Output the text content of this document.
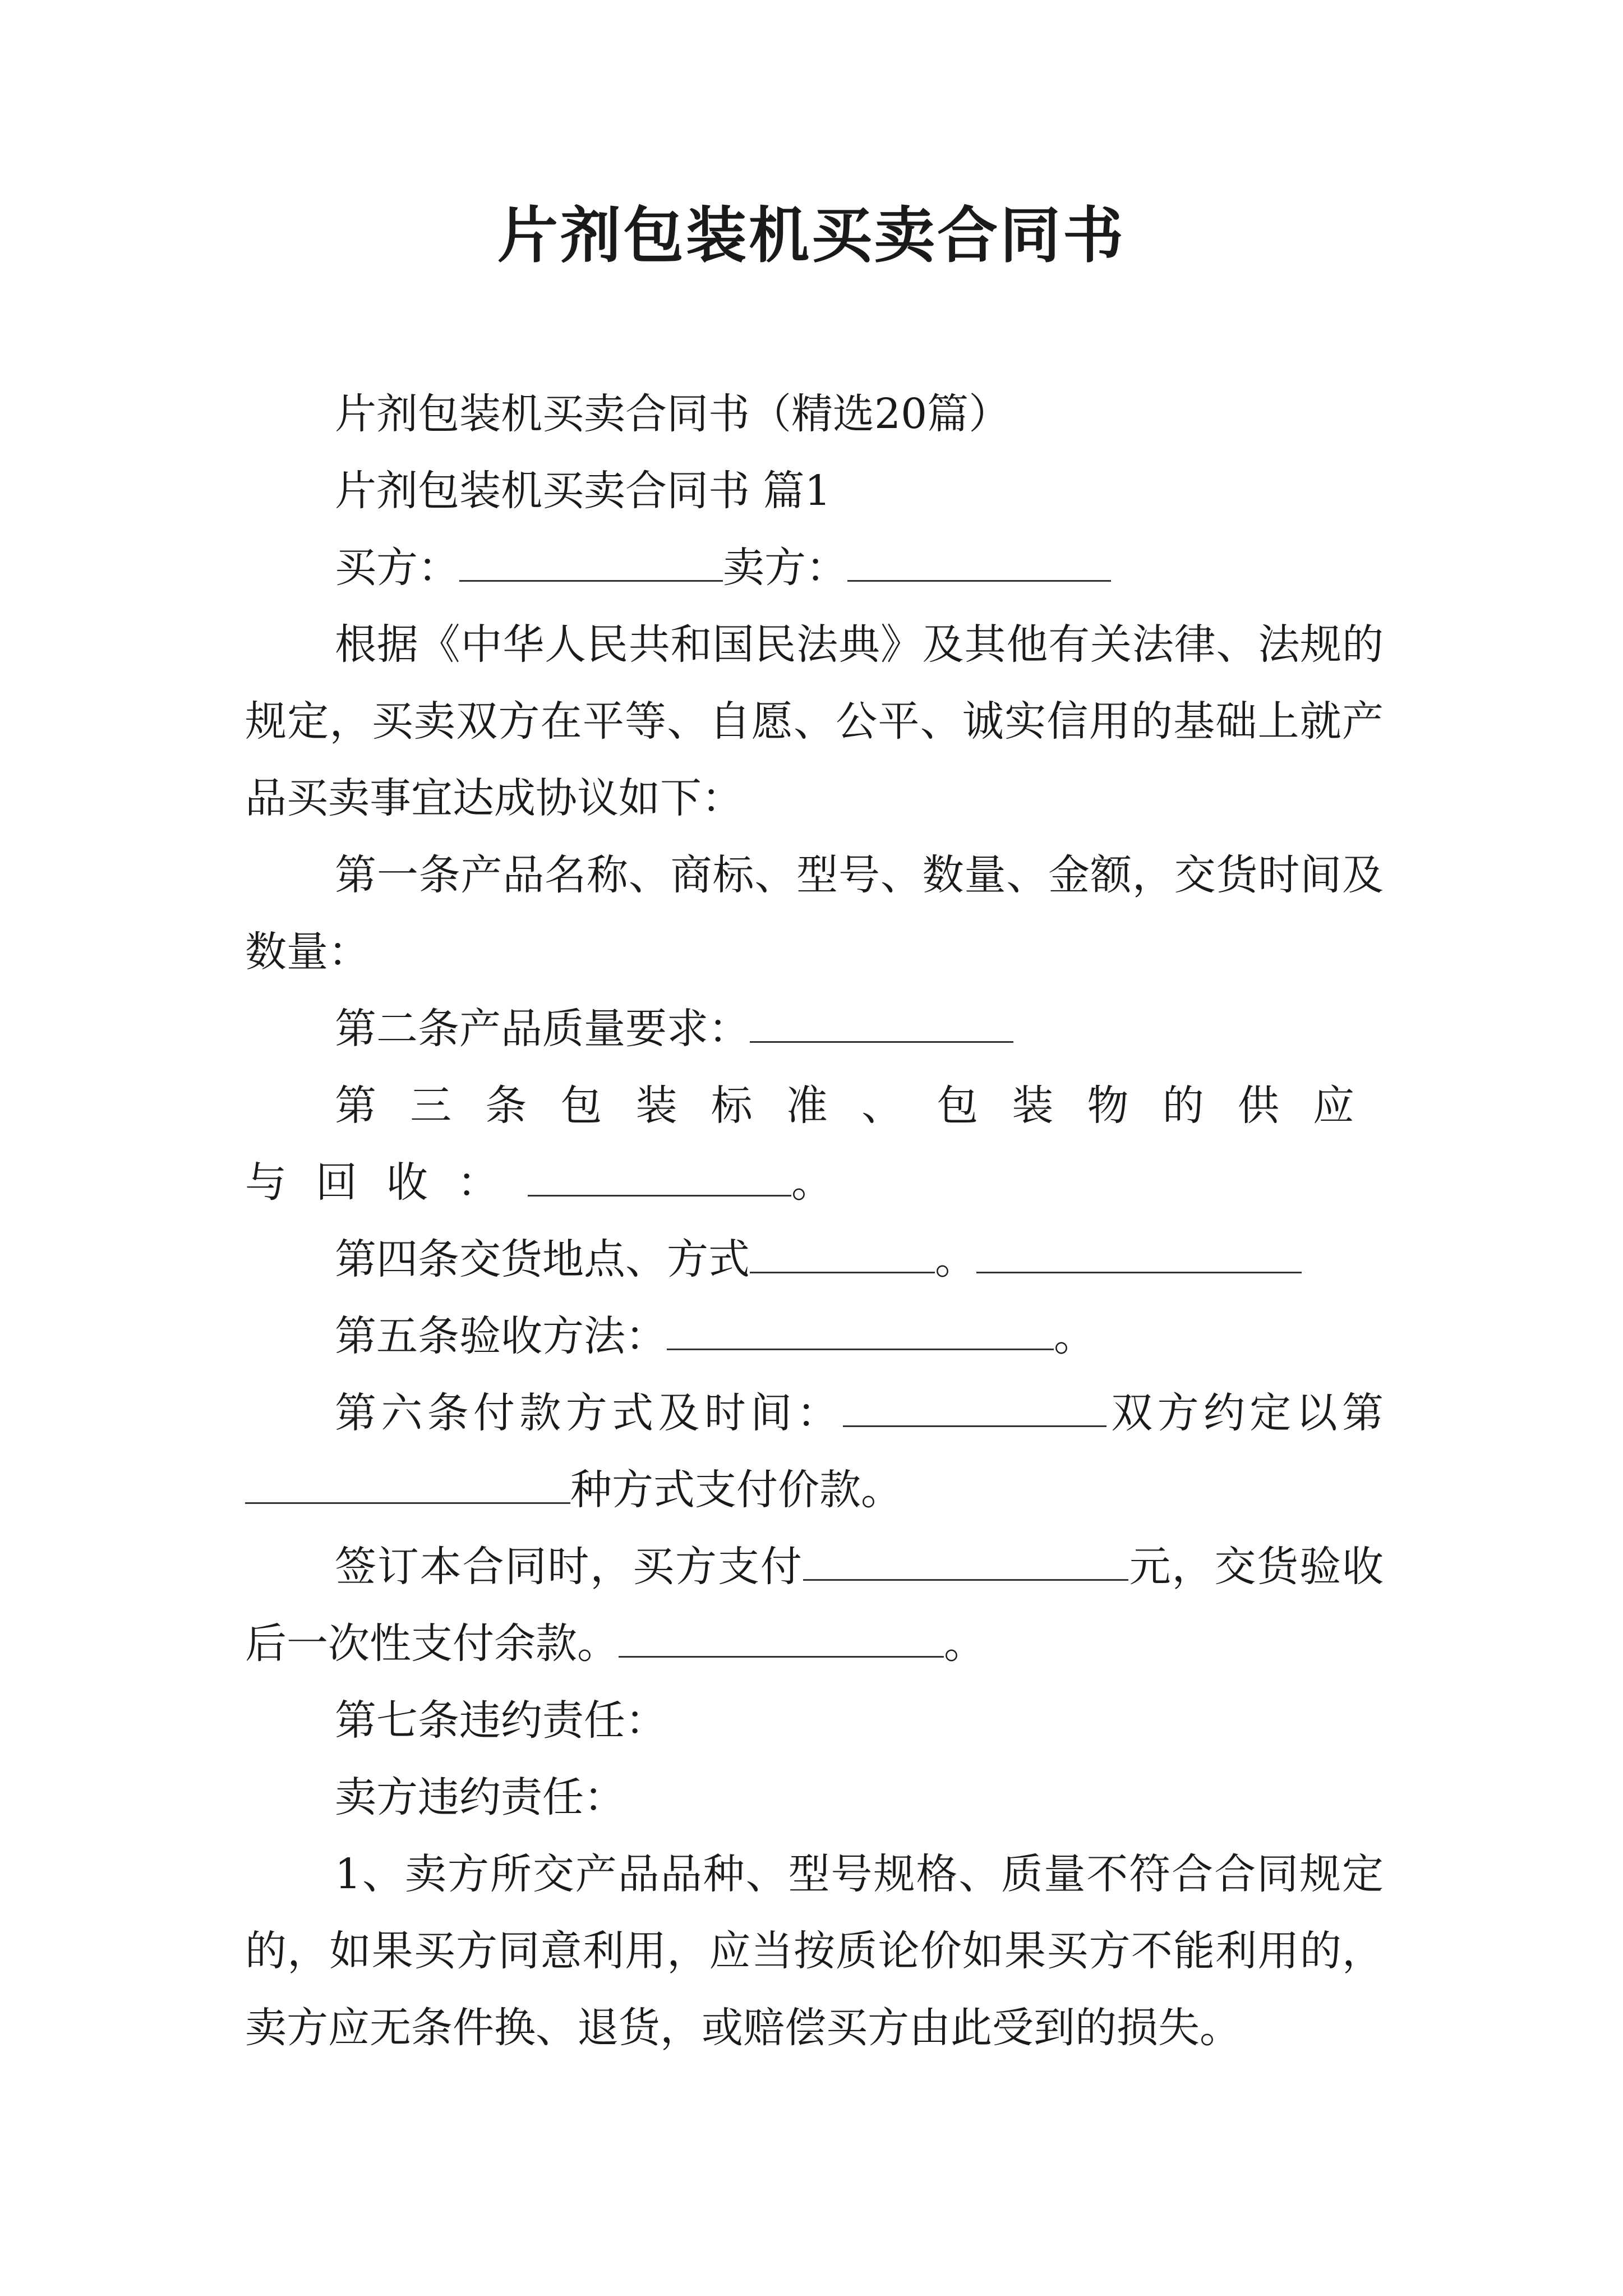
片剂包装机买卖合同书

片剂包装机买卖合同书（精选20篇）

片剂包装机买卖合同书 篇1

买方：	卖方：

根据《中华人民共和国民法典》及其他有关法律、法规的规定，买卖双方在平等、自愿、公平、诚实信用的基础上就产品买卖事宜达成协议如下：

第一条产品名称、商标、型号、数量、金额，交货时间及数量：

第二条产品质量要求：

第三条包装标准、包装物的供应与回收：	。

第四条交货地点、方式	。

第五条验收方法：	。

第六条付款方式及时间：	双方约定以第种方式支付价款。

签订本合同时，买方支付	元，交货验收后一次性支付余款。	。

第七条违约责任：

卖方违约责任：

1、卖方所交产品品种、型号规格、质量不符合合同规定的，如果买方同意利用，应当按质论价如果买方不能利用的，卖方应无条件换、退货，或赔偿买方由此受到的损失。
